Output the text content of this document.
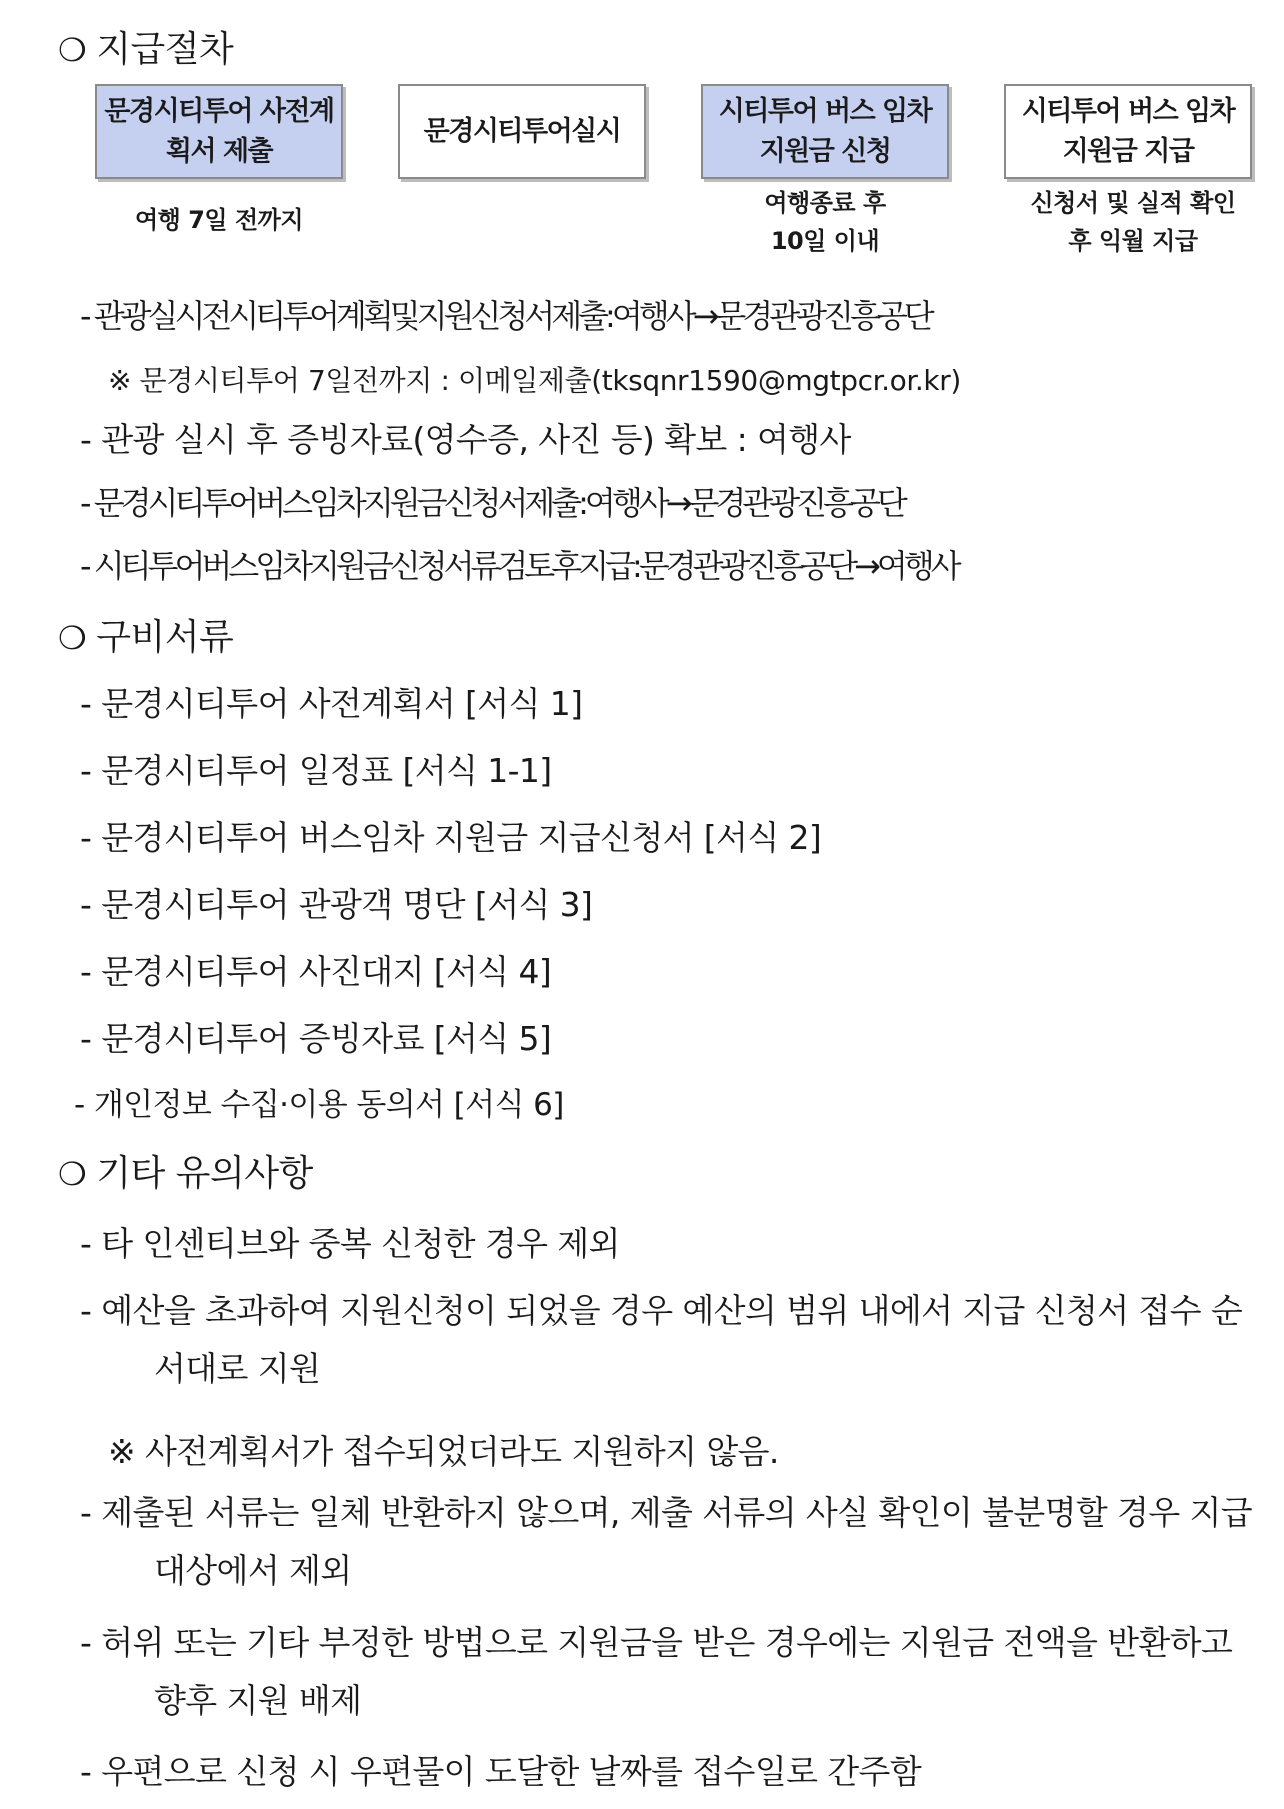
❍ 지급절차
문경시티투어 사전계획서 제출
문경시티투어실시
시티투어 버스 임차 지원금 신청
시티투어 버스 임차 지원금 지급
여행 7일 전까지
여행종료 후 10일 이내
신청서 및 실적 확인 후 익월 지급
- 관광실시전시티투어계획및지원신청서제출:여행사→문경관광진흥공단
※ 문경시티투어 7일전까지 : 이메일제출(tksqnr1590@mgtpcr.or.kr)
- 관광 실시 후 증빙자료(영수증, 사진 등) 확보 : 여행사
- 문경시티투어버스임차지원금신청서제출:여행사→문경관광진흥공단
- 시티투어버스임차지원금신청서류검토후지급:문경관광진흥공단→여행사
❍ 구비서류
- 문경시티투어 사전계획서 [서식 1]
- 문경시티투어 일정표 [서식 1-1]
- 문경시티투어 버스임차 지원금 지급신청서 [서식 2]
- 문경시티투어 관광객 명단 [서식 3]
- 문경시티투어 사진대지 [서식 4]
- 문경시티투어 증빙자료 [서식 5]
- 개인정보 수집·이용 동의서 [서식 6]
❍ 기타 유의사항
- 타 인센티브와 중복 신청한 경우 제외
- 예산을 초과하여 지원신청이 되었을 경우 예산의 범위 내에서 지급 신청서 접수 순서대로 지원
※ 사전계획서가 접수되었더라도 지원하지 않음.
- 제출된 서류는 일체 반환하지 않으며, 제출 서류의 사실 확인이 불분명할 경우 지급대상에서 제외
- 허위 또는 기타 부정한 방법으로 지원금을 받은 경우에는 지원금 전액을 반환하고 향후 지원 배제
- 우편으로 신청 시 우편물이 도달한 날짜를 접수일로 간주함
